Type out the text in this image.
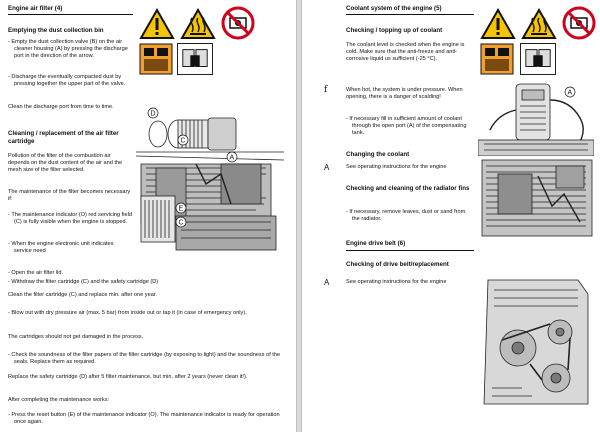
Engine air filter (4)
Emptying the dust collection bin
- Empty the dust collection valve (B) on the air cleaner housing (A) by pressing the discharge port in the direction of the arrow.
- Discharge the eventually compacted dust by pressing together the upper part of the valve.
Clean the discharge port from time to time.
Cleaning / replacement of the air filter cartridge
Pollution of the filter of the combustion air depends on the dust content of the air and the mesh size of the filter selected.
The maintenance of the filter becomes necessary if:
- The maintenance indicator (O) red servicing field (C) is fully visible when the engine is stopped.
- When the engine electronic unit indicates service need
D
C
A
E
C
- Open the air filter lid.
- Withdraw the filter cartridge (C) and the safety cartridge (D)
Clean the filter cartridge (C) and replace min. after one year.
- Blow out with dry pressure air (max. 5 bar) from inside out or tap it (in case of emergency only).
The cartridges should not get damaged in the process.
- Check the soundness of the filter papers of the filter cartridge (by exposing to light) and the soundness of the seals. Replace them as required.
Replace the safety cartridge (D) after 5 filter maintenance, but min. after 2 years (never clean it!).
After completing the maintenance works:
- Press the reset button (E) of the maintenance indicator (O). The maintenance indicator is ready for operation once again.
Coolant system of the engine (5)
Checking / topping up of coolant
The coolant level is checked when the engine is cold. Make sure that the anti-freeze and anti-corrosive liquid us sufficient (-25 °C).
f	When hot, the system is under pressure. When opening, there is a danger of scalding!
- If necessary fill in sufficient amount of coolant through the open port (A) of the compensating tank.
A
Changing the coolant
A	See operating instructions for the engine
Checking and cleaning of the radiator fins
- If necessary, remove leaves, dust or sand from the radiator.
Engine drive belt (6)
Checking of drive belt/replacement
A	See operating instructions for the engine
